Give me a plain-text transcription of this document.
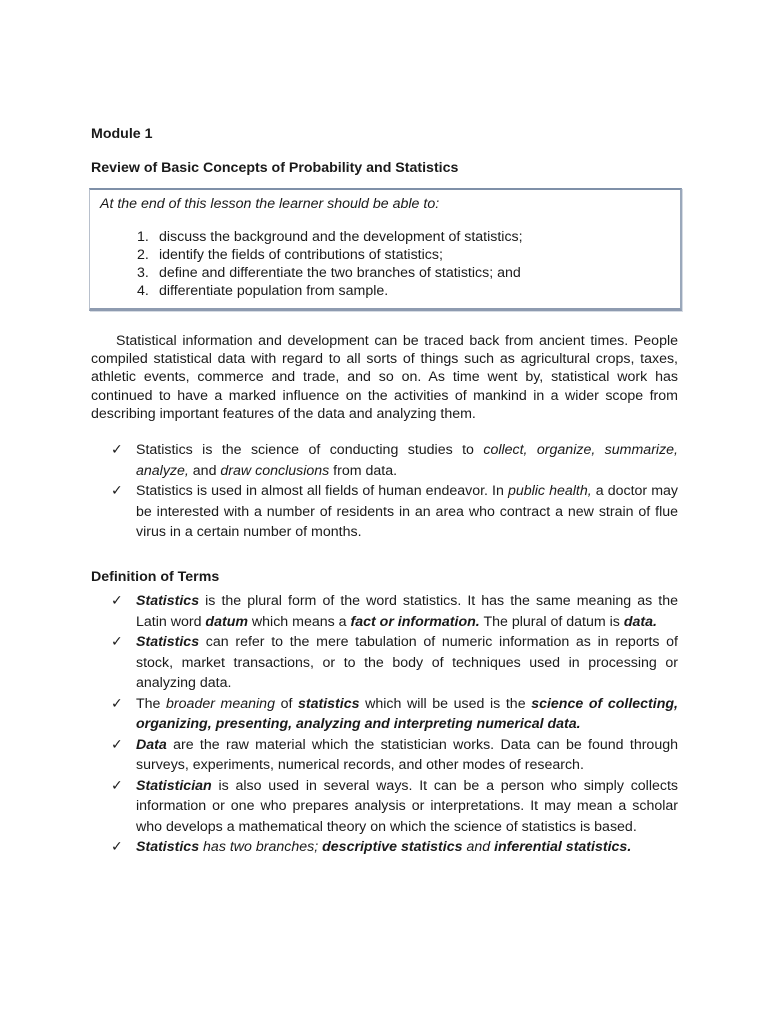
Module 1
Review of Basic Concepts of Probability and Statistics
At the end of this lesson the learner should be able to:
1. discuss the background and the development of statistics;
2. identify the fields of contributions of statistics;
3. define and differentiate the two branches of statistics; and
4. differentiate population from sample.

Statistical information and development can be traced back from ancient times. People compiled statistical data with regard to all sorts of things such as agricultural crops, taxes, athletic events, commerce and trade, and so on. As time went by, statistical work has continued to have a marked influence on the activities of mankind in a wider scope from describing important features of the data and analyzing them.

✓ Statistics is the science of conducting studies to collect, organize, summarize, analyze, and draw conclusions from data.
✓ Statistics is used in almost all fields of human endeavor. In public health, a doctor may be interested with a number of residents in an area who contract a new strain of flue virus in a certain number of months.
Definition of Terms
✓ Statistics is the plural form of the word statistics. It has the same meaning as the Latin word datum which means a fact or information. The plural of datum is data.
✓ Statistics can refer to the mere tabulation of numeric information as in reports of stock, market transactions, or to the body of techniques used in processing or analyzing data.
✓ The broader meaning of statistics which will be used is the science of collecting, organizing, presenting, analyzing and interpreting numerical data.
✓ Data are the raw material which the statistician works. Data can be found through surveys, experiments, numerical records, and other modes of research.
✓ Statistician is also used in several ways. It can be a person who simply collects information or one who prepares analysis or interpretations. It may mean a scholar who develops a mathematical theory on which the science of statistics is based.
✓ Statistics has two branches; descriptive statistics and inferential statistics.
